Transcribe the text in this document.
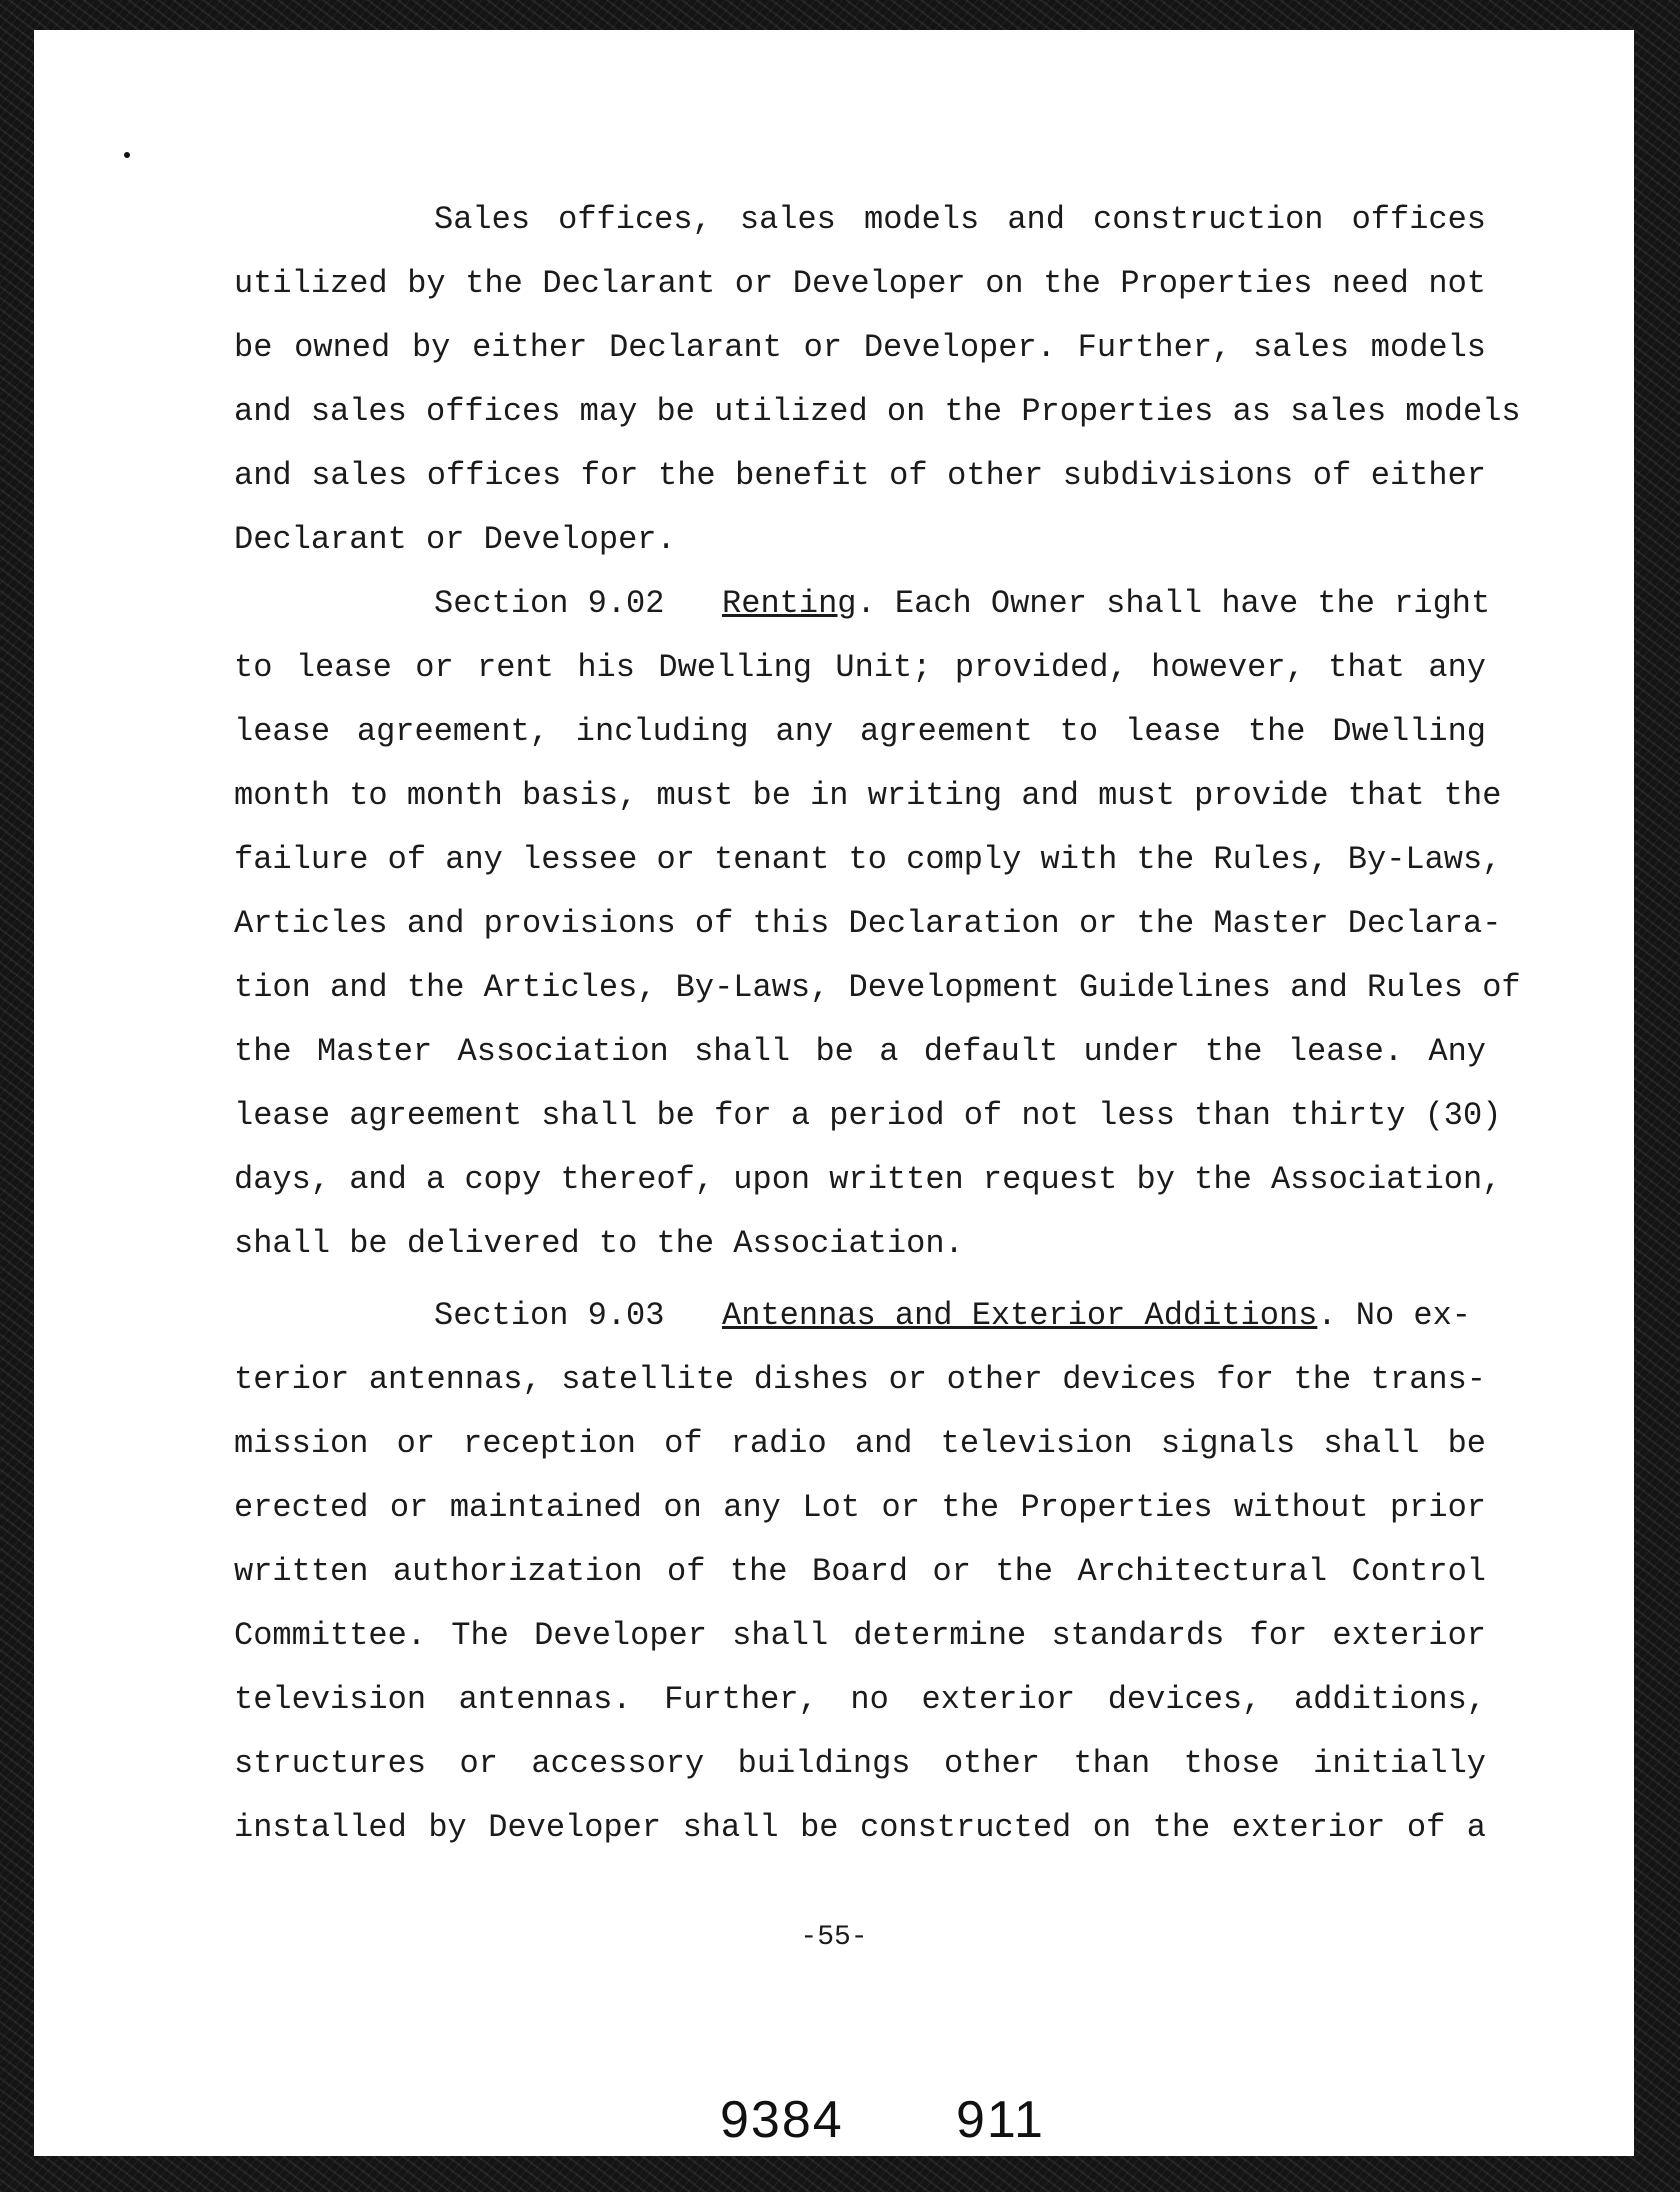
Sales offices, sales models and construction offices
utilized by the Declarant or Developer on the Properties need not
be owned by either Declarant or Developer. Further, sales models
and sales offices may be utilized on the Properties as sales models
and sales offices for the benefit of other subdivisions of either
Declarant or Developer.
Section 9.02 Renting. Each Owner shall have the right
to lease or rent his Dwelling Unit; provided, however, that any
lease agreement, including any agreement to lease the Dwelling
month to month basis, must be in writing and must provide that the
failure of any lessee or tenant to comply with the Rules, By-Laws,
Articles and provisions of this Declaration or the Master Declara-
tion and the Articles, By-Laws, Development Guidelines and Rules of
the Master Association shall be a default under the lease. Any
lease agreement shall be for a period of not less than thirty (30)
days, and a copy thereof, upon written request by the Association,
shall be delivered to the Association.
Section 9.03 Antennas and Exterior Additions. No ex-
terior antennas, satellite dishes or other devices for the trans-
mission or reception of radio and television signals shall be
erected or maintained on any Lot or the Properties without prior
written authorization of the Board or the Architectural Control
Committee. The Developer shall determine standards for exterior
television antennas. Further, no exterior devices, additions,
structures or accessory buildings other than those initially
installed by Developer shall be constructed on the exterior of a
-55-
9384 911
